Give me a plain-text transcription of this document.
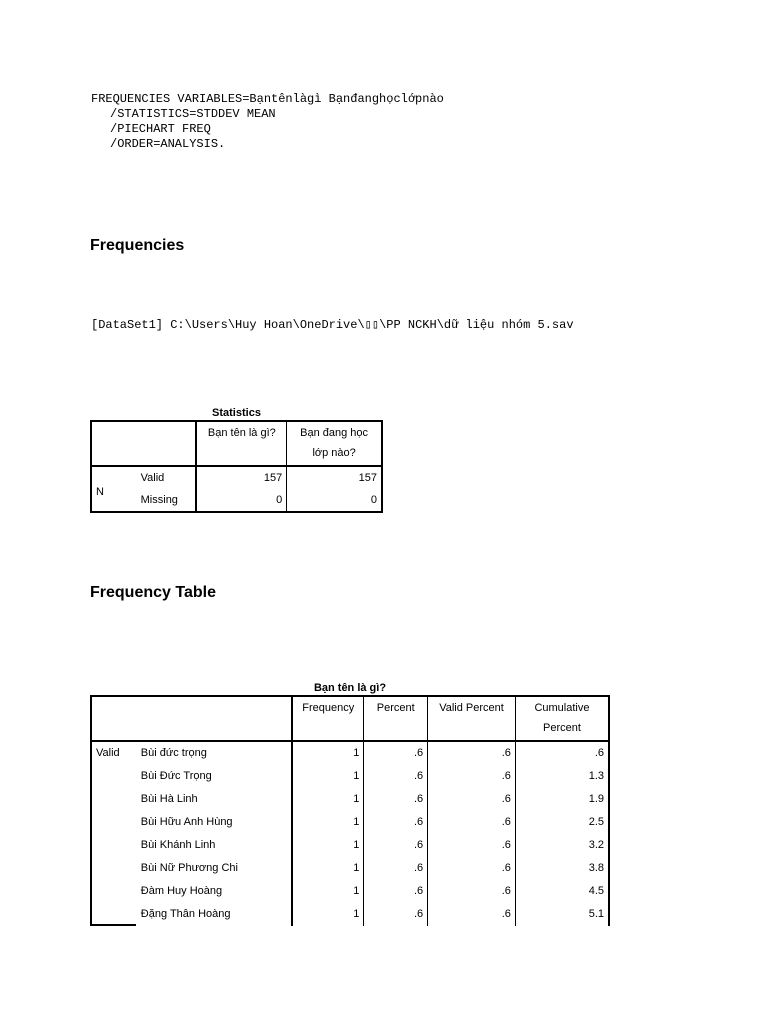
FREQUENCIES VARIABLES=Bạntênlàgì Bạnđanghọclớpnào
/STATISTICS=STDDEV MEAN
/PIECHART FREQ
/ORDER=ANALYSIS.
Frequencies
[DataSet1] C:\Users\Huy Hoan\OneDrive\▯▯\PP NCKH\dữ liệu nhóm 5.sav
Statistics
		Bạn tên là gì?	Bạn đang học
lớp nào?
N	Valid	157	157
	Missing	0	0
Frequency Table
Bạn tên là gì?
		Frequency	Percent	Valid Percent	Cumulative
Percent
Valid	Bùi đức trọng	1	.6	.6	.6
	Bùi Đức Trọng	1	.6	.6	1.3
	Bùi Hà Linh	1	.6	.6	1.9
	Bùi Hữu Anh Hùng	1	.6	.6	2.5
	Bùi Khánh Linh	1	.6	.6	3.2
	Bùi Nữ Phương Chi	1	.6	.6	3.8
	Đàm Huy Hoàng	1	.6	.6	4.5
	Đặng Thân Hoàng	1	.6	.6	5.1
